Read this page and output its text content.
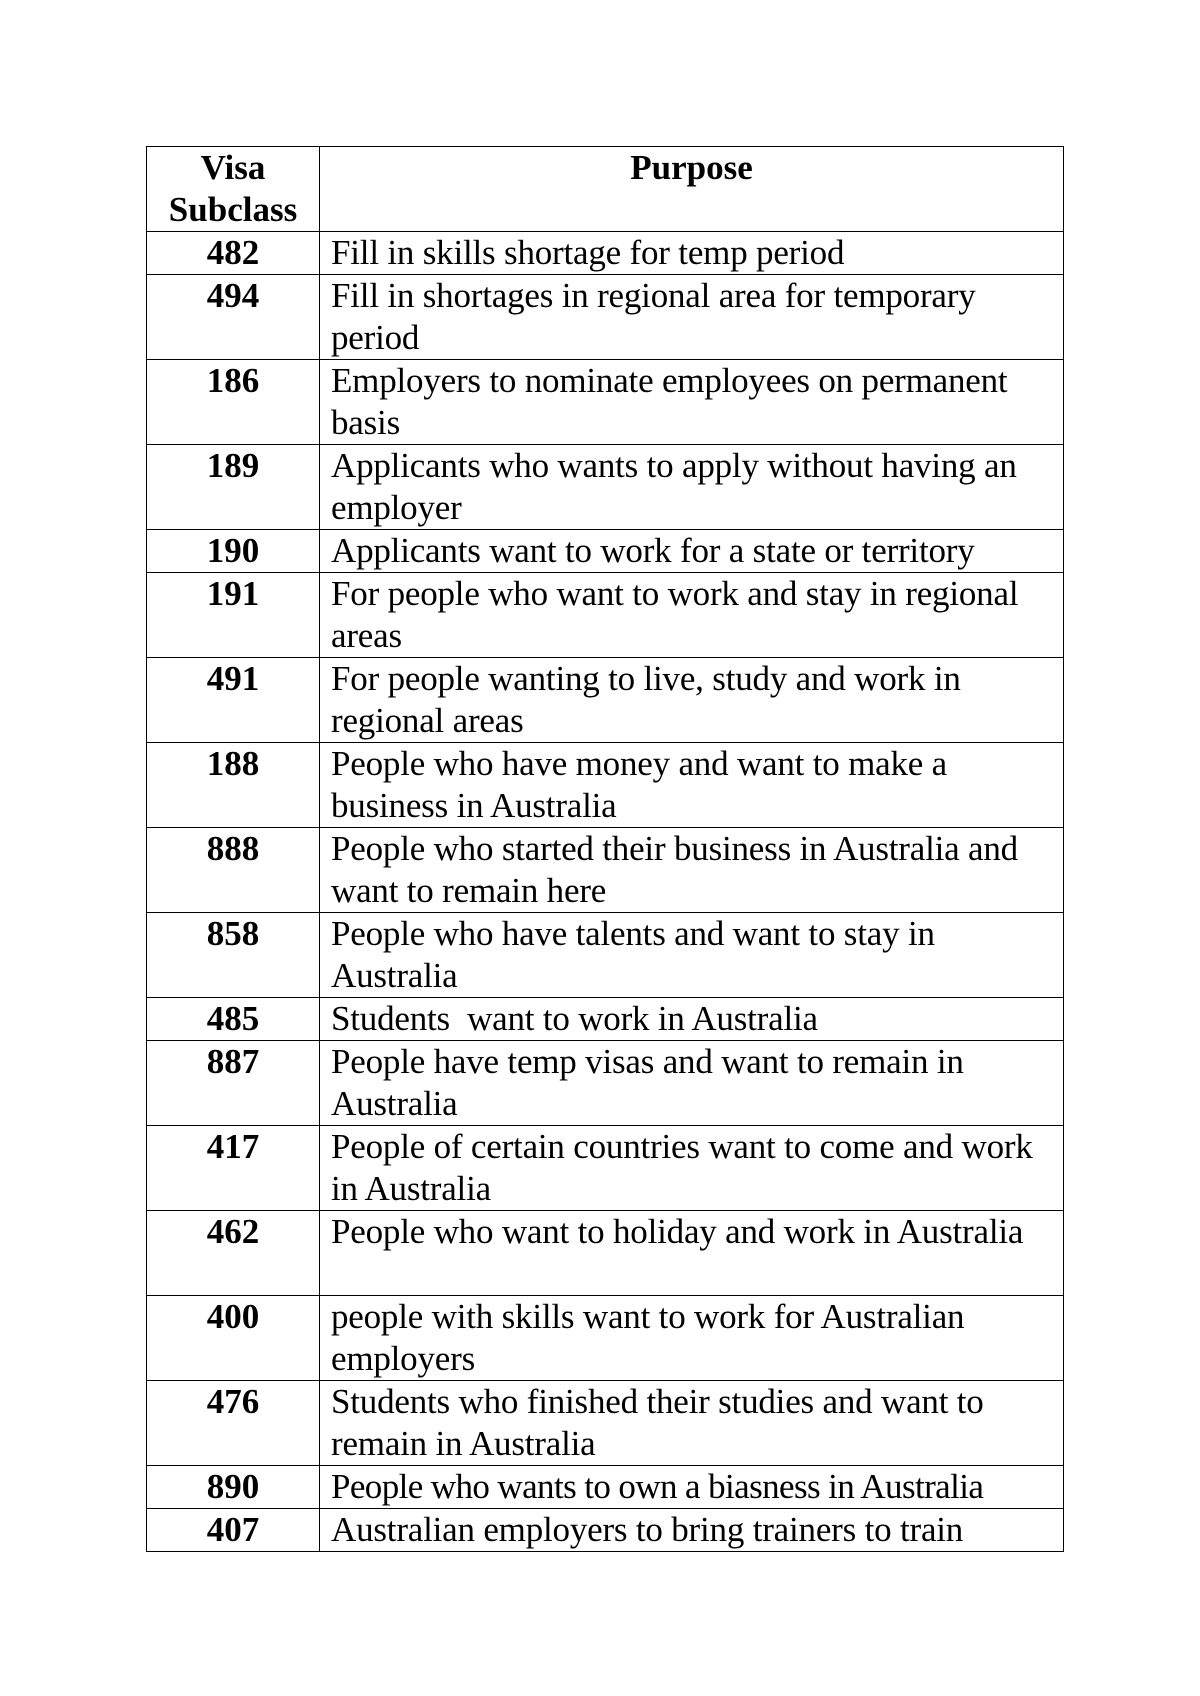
Visa
Subclass	Purpose
482	Fill in skills shortage for temp period
494	Fill in shortages in regional area for temporary period
186	Employers to nominate employees on permanent basis
189	Applicants who wants to apply without having an employer
190	Applicants want to work for a state or territory
191	For people who want to work and stay in regional areas
491	For people wanting to live, study and work in regional areas
188	People who have money and want to make a business in Australia
888	People who started their business in Australia and want to remain here
858	People who have talents and want to stay in Australia
485	Students  want to work in Australia
887	People have temp visas and want to remain in Australia
417	People of certain countries want to come and work in Australia
462	People who want to holiday and work in Australia
400	people with skills want to work for Australian employers
476	Students who finished their studies and want to remain in Australia
890	People who wants to own a biasness in Australia
407	Australian employers to bring trainers to train
